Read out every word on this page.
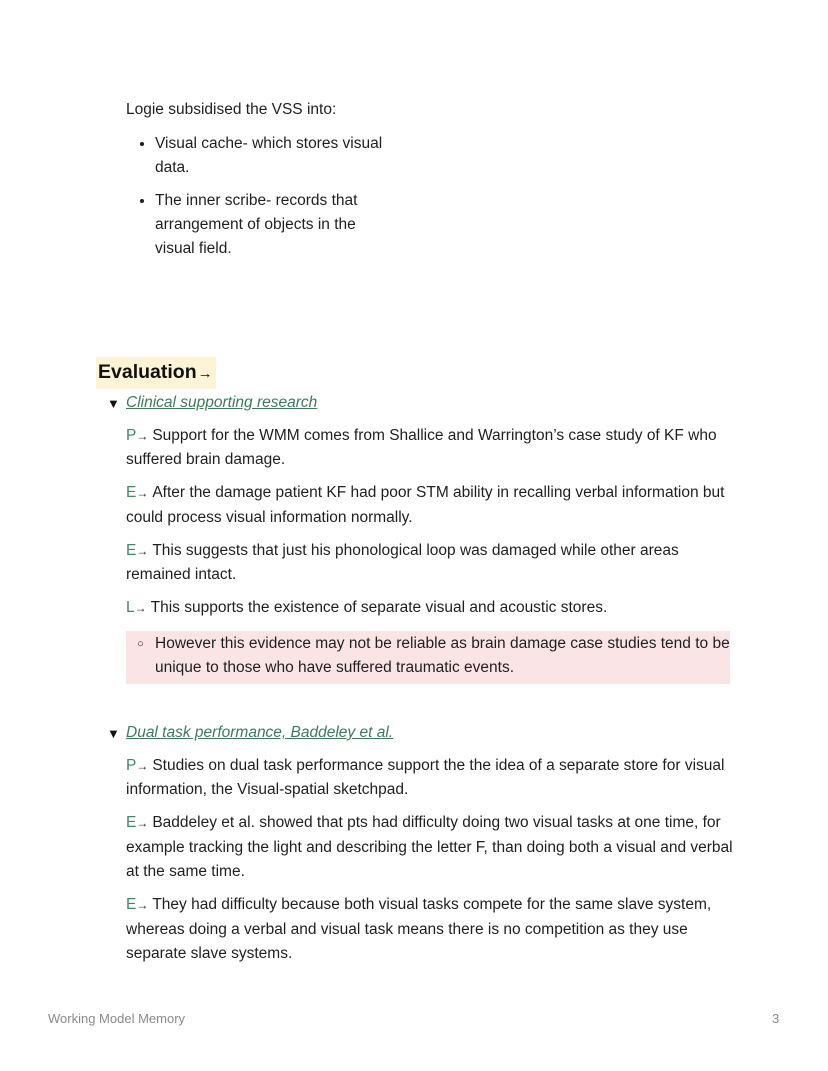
Logie subsidised the VSS into:

• Visual cache- which stores visual data.
• The inner scribe- records that arrangement of objects in the visual field.
Evaluation→
▼ Clinical supporting research
P→ Support for the WMM comes from Shallice and Warrington’s case study of KF who suffered brain damage.
E→ After the damage patient KF had poor STM ability in recalling verbal information but could process visual information normally.
E→ This suggests that just his phonological loop was damaged while other areas remained intact.
L→ This supports the existence of separate visual and acoustic stores.
○ However this evidence may not be reliable as brain damage case studies tend to be unique to those who have suffered traumatic events.
▼ Dual task performance, Baddeley et al.
P→ Studies on dual task performance support the the idea of a separate store for visual information, the Visual-spatial sketchpad.
E→ Baddeley et al. showed that pts had difficulty doing two visual tasks at one time, for example tracking the light and describing the letter F, than doing both a visual and verbal at the same time.
E→ They had difficulty because both visual tasks compete for the same slave system, whereas doing a verbal and visual task means there is no competition as they use separate slave systems.
Working Model Memory	3
